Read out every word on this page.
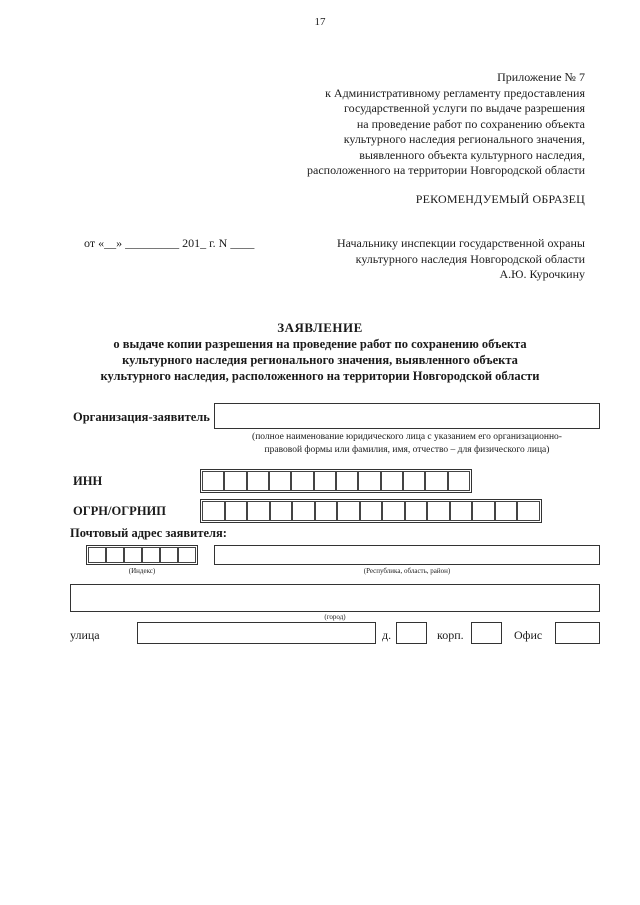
17
Приложение № 7
к Административному регламенту предоставления
государственной услуги по выдаче разрешения
на проведение работ по сохранению объекта
культурного наследия регионального значения,
выявленного объекта культурного наследия,
расположенного на территории Новгородской области
РЕКОМЕНДУЕМЫЙ ОБРАЗЕЦ
от «__» _________ 201_ г. N ____	Начальнику инспекции государственной охраны
культурного наследия Новгородской области
А.Ю. Курочкину
ЗАЯВЛЕНИЕ
о выдаче копии разрешения на проведение работ по сохранению объекта
культурного наследия регионального значения, выявленного объекта
культурного наследия, расположенного на территории Новгородской области
Организация-заявитель
(полное наименование юридического лица с указанием его организационно-
правовой формы или фамилия, имя, отчество – для физического лица)
ИНН
ОГРН/ОГРНИП
Почтовый адрес заявителя:
(Индекс)	(Республика, область, район)
(город)
улица	д.	корп.	Офис
